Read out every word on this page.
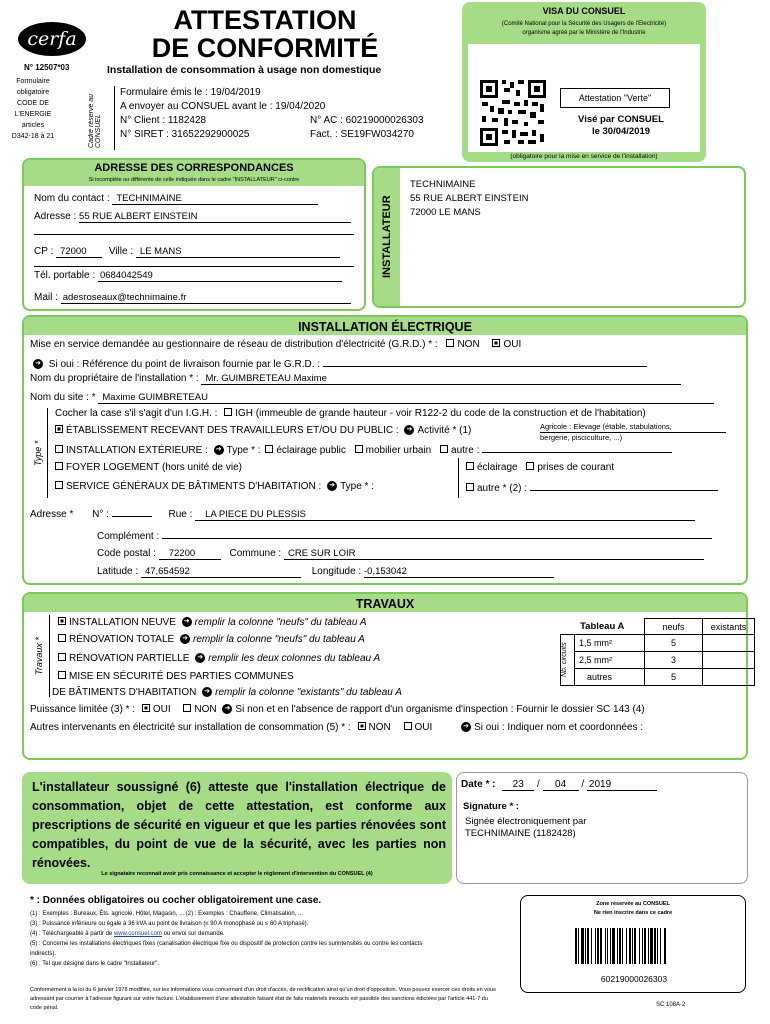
cerfa
N° 12507*03
Formulaire
obligatoire
CODE DE
L'ENERGIE
articles
D342-18 à 21
ATTESTATION
DE CONFORMITÉ
Installation de consommation à usage non domestique
Cadre réservé au CONSUEL
Formulaire émis le : 19/04/2019
A envoyer au CONSUEL avant le : 19/04/2020
N° Client : 1182428	N° AC : 60219000026303
N° SIRET : 31652292900025	Fact. : SE19FW034270
VISA DU CONSUEL
(Comité National pour la Sécurité des Usagers de l'Electricité)
organisme agréé par le Ministère de l'Industrie
Attestation "Verte"
Visé par CONSUEL
le 30/04/2019
(obligatoire pour la mise en service de l'installation)
ADRESSE DES CORRESPONDANCES
Si incomplète ou différente de celle indiquée dans le cadre "INSTALLATEUR" ci-contre
Nom du contact : TECHNIMAINE
Adresse : 55 RUE ALBERT EINSTEIN
CP : 72000 Ville : LE MANS
Tél. portable : 0684042549
Mail : adesroseaux@technimaine.fr
INSTALLATEUR
TECHNIMAINE
55 RUE ALBERT EINSTEIN
72000 LE MANS
INSTALLATION ÉLECTRIQUE
Mise en service demandée au gestionnaire de réseau de distribution d'électricité (G.R.D.) * : NON OUI
➜ Si oui : Référence du point de livraison fournie par le G.R.D. :
Nom du propriétaire de l'installation * : Mr. GUIMBRETEAU Maxime
Nom du site : * Maxime GUIMBRETEAU
Type *
Cocher la case s'il s'agit d'un I.G.H. : IGH (immeuble de grande hauteur - voir R122-2 du code de la construction et de l'habitation)
ÉTABLISSEMENT RECEVANT DES TRAVAILLEURS ET/OU DU PUBLIC : ➜ Activité * (1)	Agricole : Elevage (étable, stabulations,
bergerie, pisciculture, ...)
INSTALLATION EXTÉRIEURE : ➜ Type * : éclairage public mobilier urbain autre :
FOYER LOGEMENT (hors unité de vie)
SERVICE GÉNÉRAUX DE BÂTIMENTS D'HABITATION : ➜ Type * :
éclairage prises de courant
autre * (2) :
Adresse * N° :	Rue : LA PIECE DU PLESSIS
Complément :
Code postal : 72200	Commune : CRE SUR LOIR
Latitude : 47,654592	Longitude : -0,153042
TRAVAUX
Travaux *
INSTALLATION NEUVE ➜ remplir la colonne "neufs" du tableau A
RÉNOVATION TOTALE ➜ remplir la colonne "neufs" du tableau A
RÉNOVATION PARTIELLE ➜ remplir les deux colonnes du tableau A
MISE EN SÉCURITÉ DES PARTIES COMMUNES
DE BÂTIMENTS D'HABITATION ➜ remplir la colonne "existants" du tableau A
Tableau A		neufs	existants

Nb. circuits	1,5 mm²	5	
	2,5 mm²	3	
	autres	5	
Puissance limitée (3) * : OUI NON ➜ Si non et en l'absence de rapport d'un organisme d'inspection : Fournir le dossier SC 143 (4)
Autres intervenants en électricité sur installation de consommation (5) * : NON OUI	➜ Si oui : Indiquer nom et coordonnées :
L'installateur soussigné (6) atteste que l'installation électrique de consommation, objet de cette attestation, est conforme aux prescriptions de sécurité en vigueur et que les parties rénovées sont compatibles, du point de vue de la sécurité, avec les parties non rénovées.
Le signataire reconnait avoir pris connaissance et accepter le règlement d'intervention du CONSUEL (4)
Date * : 23 / 04 / 2019
Signature * :
Signée électroniquement par
TECHNIMAINE (1182428)
* : Données obligatoires ou cocher obligatoirement une case.
(1) : Exemples : Bureaux, Éts. agricole, Hôtel, Magasin, ... (2) : Exemples : Chaufferie, Climatisation, ...
(3) : Puissance inférieure ou égale à 36 kVA au point de livraison (≤ 90 A monophasé ou ≤ 60 A triphasé).
(4) : Téléchargeable à partir de www.consuel.com ou envoi sur demande.
(5) : Concerne les installations électriques fixes (canalisation électrique fixe ou dispositif de protection contre les surintensités ou contre les contacts indirects).
(6) : Tel que désigné dans le cadre "Installateur".
Conformément à la loi du 6 janvier 1978 modifiée, sur les informations vous concernant d'un droit d'accès, de rectification ainsi qu'un droit d'opposition. Vous pouvez exercer ces droits en vous adressant par courrier à l'adresse figurant sur votre facture. L'établissement d'une attestation faisant état de faits matériels inexacts est passible des sanctions édictées par l'article 441-7 du code pénal.
Zone réservée au CONSUEL
Ne rien inscrire dans ce cadre
60219000026303
SC 108A-2
